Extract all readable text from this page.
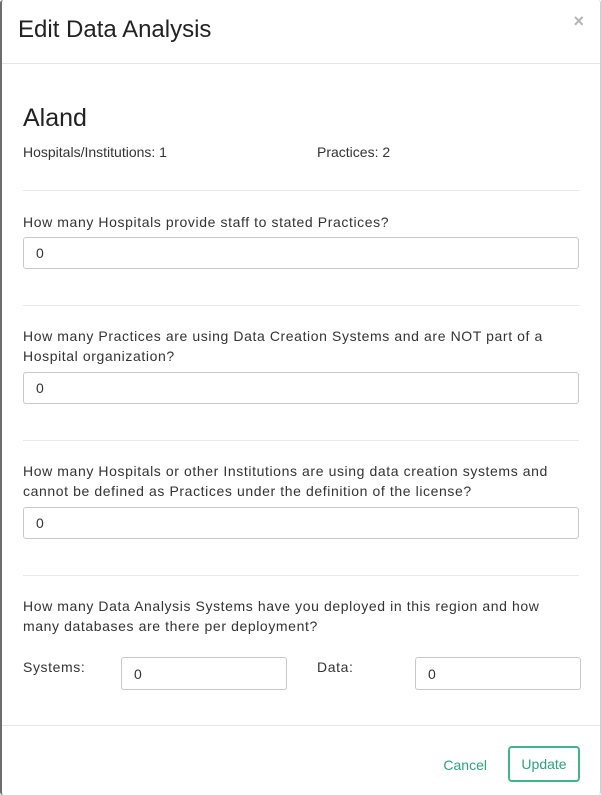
Edit Data Analysis	×
Aland
Hospitals/Institutions: 1	Practices: 2
How many Hospitals provide staff to stated Practices?
0
How many Practices are using Data Creation Systems and are NOT part of a Hospital organization?
0
How many Hospitals or other Institutions are using data creation systems and cannot be defined as Practices under the definition of the license?
0
How many Data Analysis Systems have you deployed in this region and how many databases are there per deployment?
Systems:
0	Data:
0
Cancel	Update
